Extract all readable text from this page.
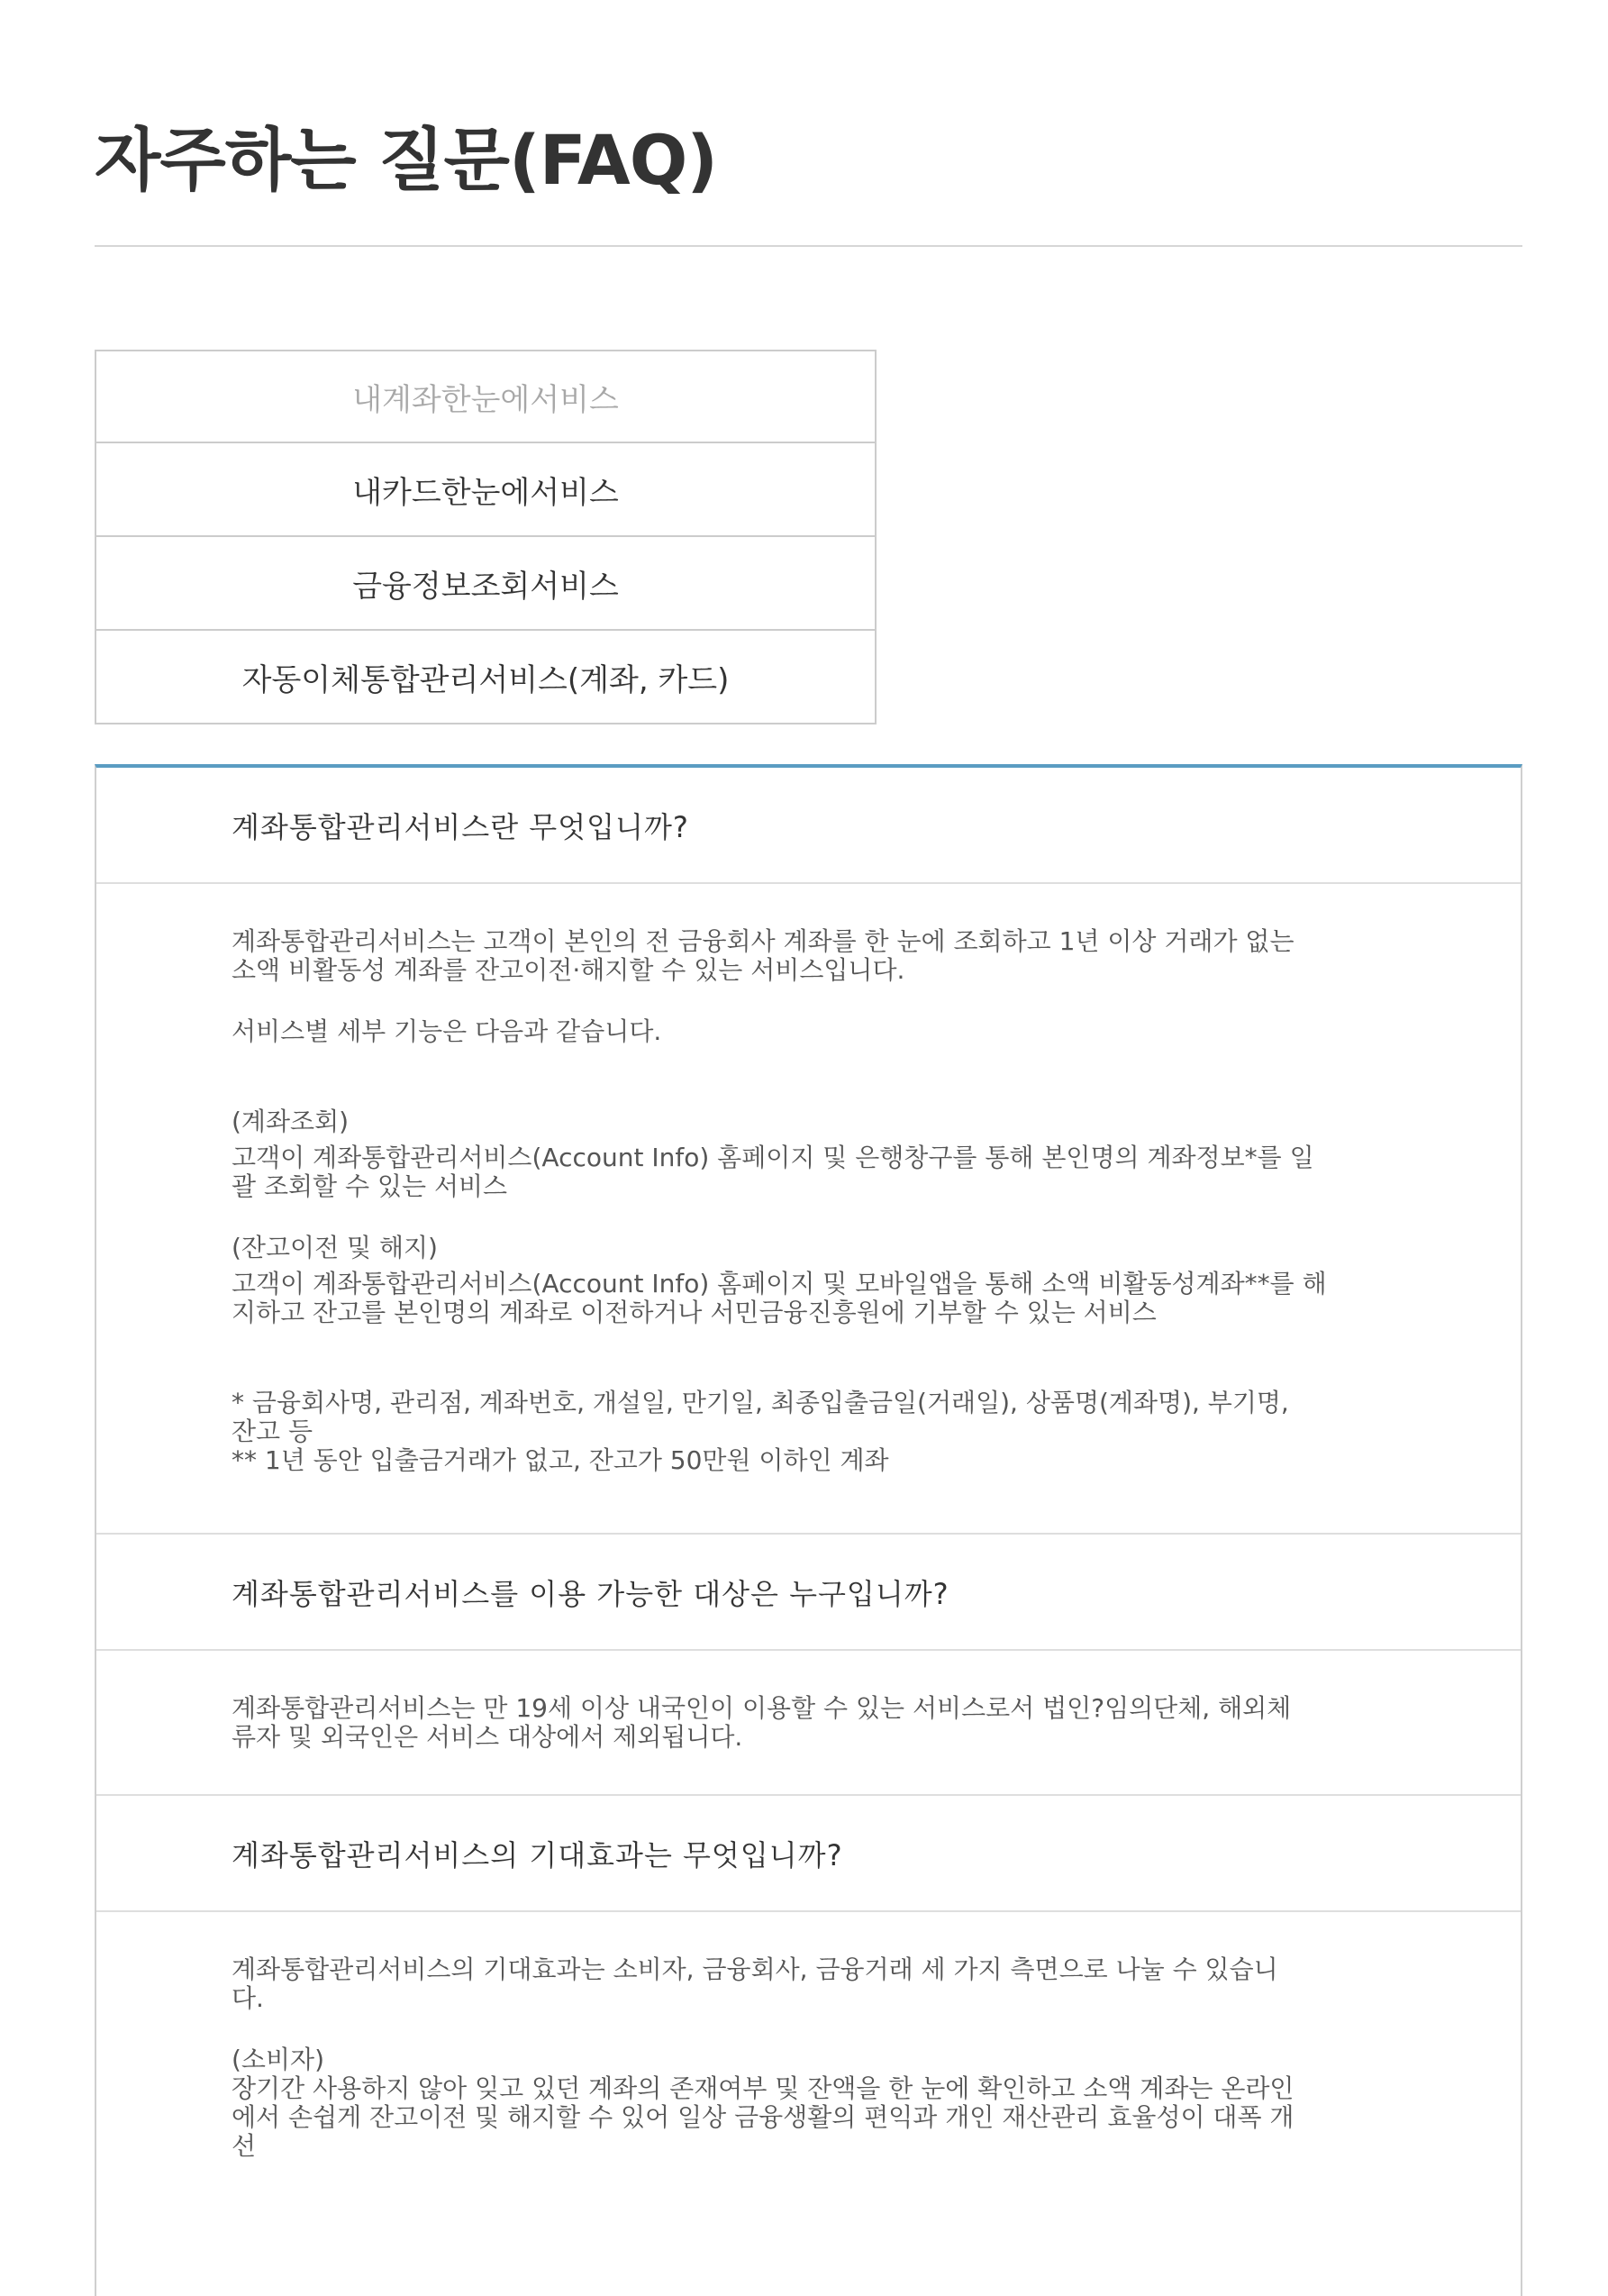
자주하는 질문(FAQ)
내계좌한눈에서비스
내카드한눈에서비스
금융정보조회서비스
자동이체통합관리서비스(계좌, 카드)
계좌통합관리서비스란 무엇입니까?

계좌통합관리서비스는 고객이 본인의 전 금융회사 계좌를 한 눈에 조회하고 1년 이상 거래가 없는

소액 비활동성 계좌를 잔고이전·해지할 수 있는 서비스입니다.

서비스별 세부 기능은 다음과 같습니다.

(계좌조회)

고객이 계좌통합관리서비스(Account Info) 홈페이지 및 은행창구를 통해 본인명의 계좌정보*를 일

괄 조회할 수 있는 서비스

(잔고이전 및 해지)

고객이 계좌통합관리서비스(Account Info) 홈페이지 및 모바일앱을 통해 소액 비활동성계좌**를 해

지하고 잔고를 본인명의 계좌로 이전하거나 서민금융진흥원에 기부할 수 있는 서비스

* 금융회사명, 관리점, 계좌번호, 개설일, 만기일, 최종입출금일(거래일), 상품명(계좌명), 부기명,

잔고 등

** 1년 동안 입출금거래가 없고, 잔고가 50만원 이하인 계좌

계좌통합관리서비스를 이용 가능한 대상은 누구입니까?

계좌통합관리서비스는 만 19세 이상 내국인이 이용할 수 있는 서비스로서 법인?임의단체, 해외체

류자 및 외국인은 서비스 대상에서 제외됩니다.

계좌통합관리서비스의 기대효과는 무엇입니까?

계좌통합관리서비스의 기대효과는 소비자, 금융회사, 금융거래 세 가지 측면으로 나눌 수 있습니

다.

(소비자)

장기간 사용하지 않아 잊고 있던 계좌의 존재여부 및 잔액을 한 눈에 확인하고 소액 계좌는 온라인

에서 손쉽게 잔고이전 및 해지할 수 있어 일상 금융생활의 편익과 개인 재산관리 효율성이 대폭 개

선
